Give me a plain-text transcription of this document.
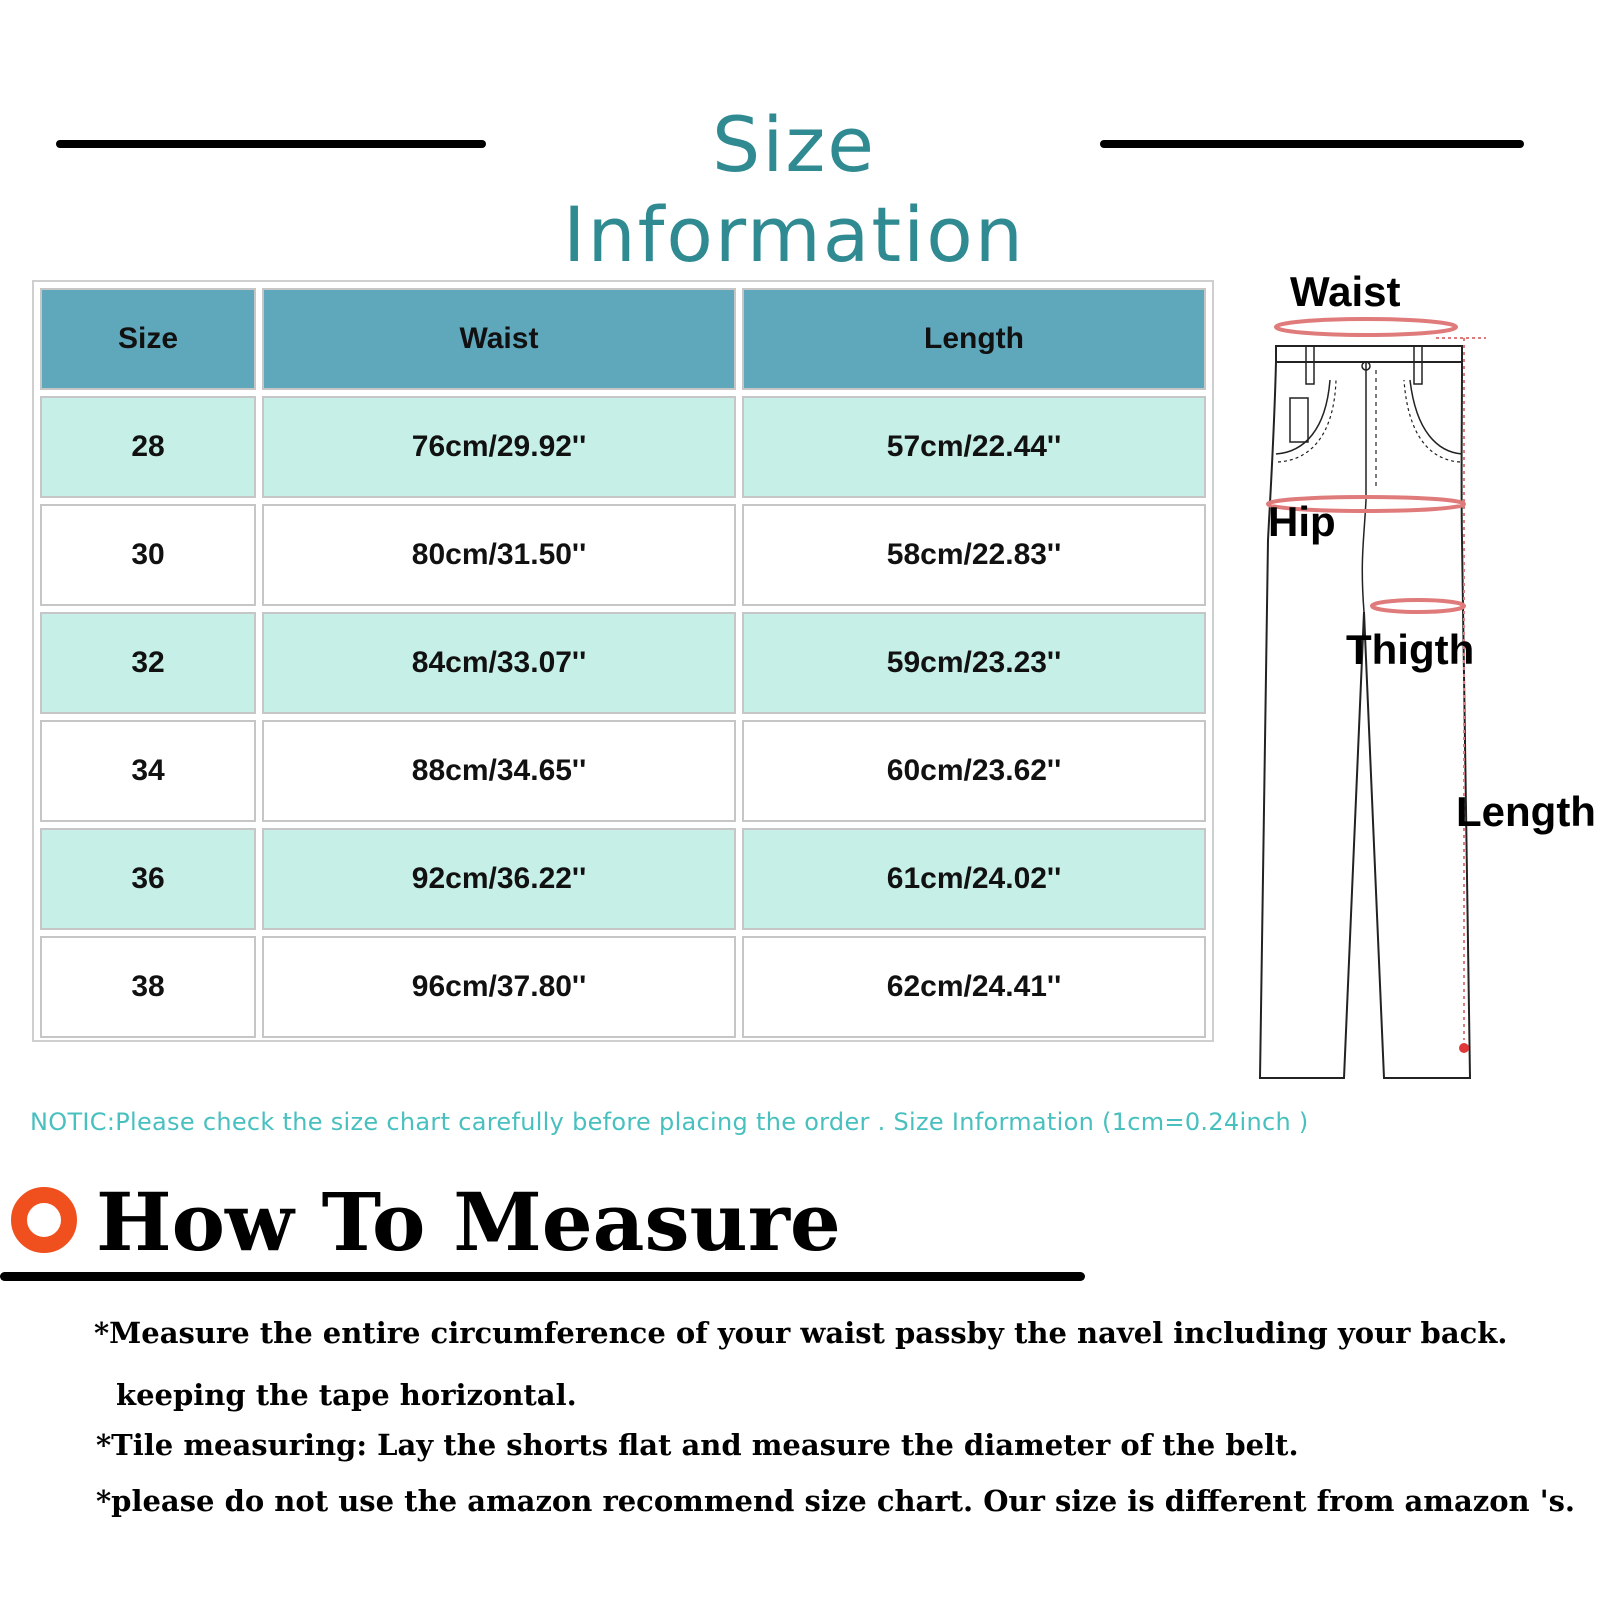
Size Information
Size	Waist	Length
28	76cm/29.92''	57cm/22.44''
30	80cm/31.50''	58cm/22.83''
32	84cm/33.07''	59cm/23.23''
34	88cm/34.65''	60cm/23.62''
36	92cm/36.22''	61cm/24.02''
38	96cm/37.80''	62cm/24.41''
Waist
Hip
Thigth
Length
NOTIC:Please check the size chart carefully before placing the order . Size Information (1cm=0.24inch )
How To Measure
*Measure the entire circumference of your waist passby the navel including your back.
keeping the tape horizontal.
*Tile measuring: Lay the shorts flat and measure the diameter of the belt.
*please do not use the amazon recommend size chart. Our size is different from amazon 's.
